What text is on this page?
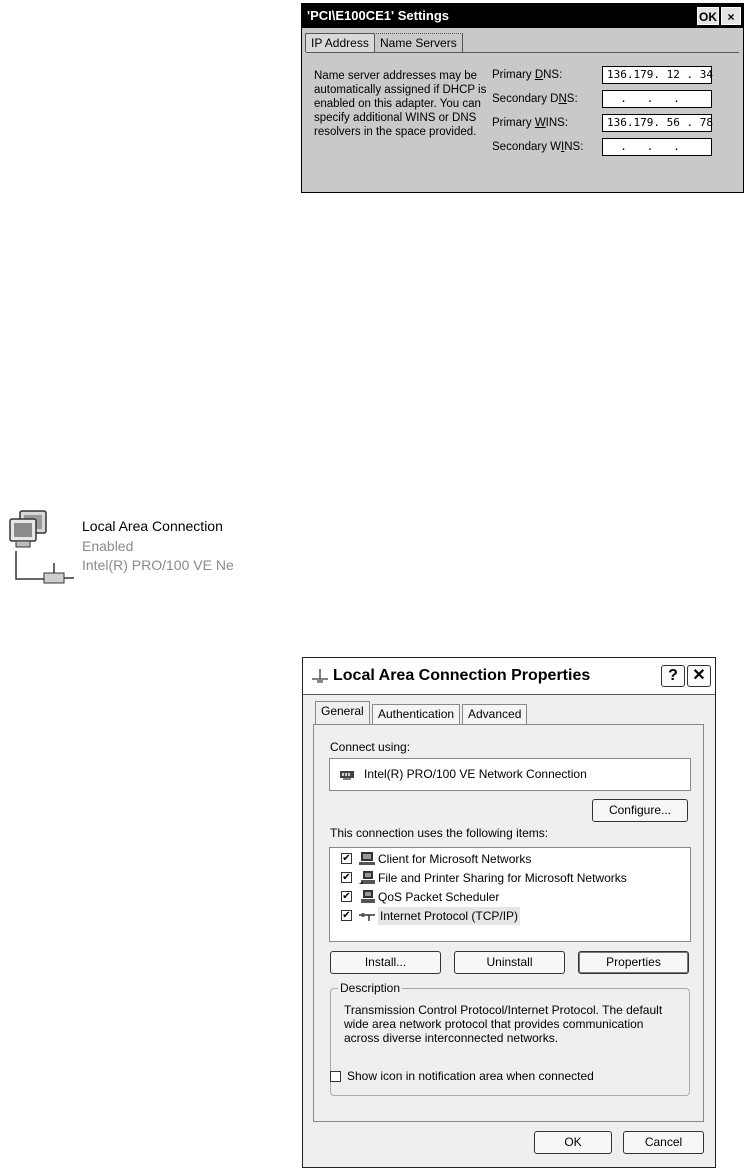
'PCI\E100CE1' Settings	OK ×
IP Address Name Servers
Name server addresses may be automatically assigned if DHCP is enabled on this adapter. You can specify additional WINS or DNS resolvers in the space provided.
Primary DNS:	136.179. 12 . 34
Secondary DNS:	.   .   .
Primary WINS:	136.179. 56 . 78
Secondary WINS:	.   .   .
Local Area Connection
Enabled
Intel(R) PRO/100 VE Ne
Local Area Connection Properties	? ✕
General	Authentication	Advanced
Connect using:
Intel(R) PRO/100 VE Network Connection
Configure...
This connection uses the following items:
✔ Client for Microsoft Networks
✔ File and Printer Sharing for Microsoft Networks
✔ QoS Packet Scheduler
✔ Internet Protocol (TCP/IP)
Install...	Uninstall	Properties
Description
Transmission Control Protocol/Internet Protocol. The default wide area network protocol that provides communication across diverse interconnected networks.
Show icon in notification area when connected
OK	Cancel
